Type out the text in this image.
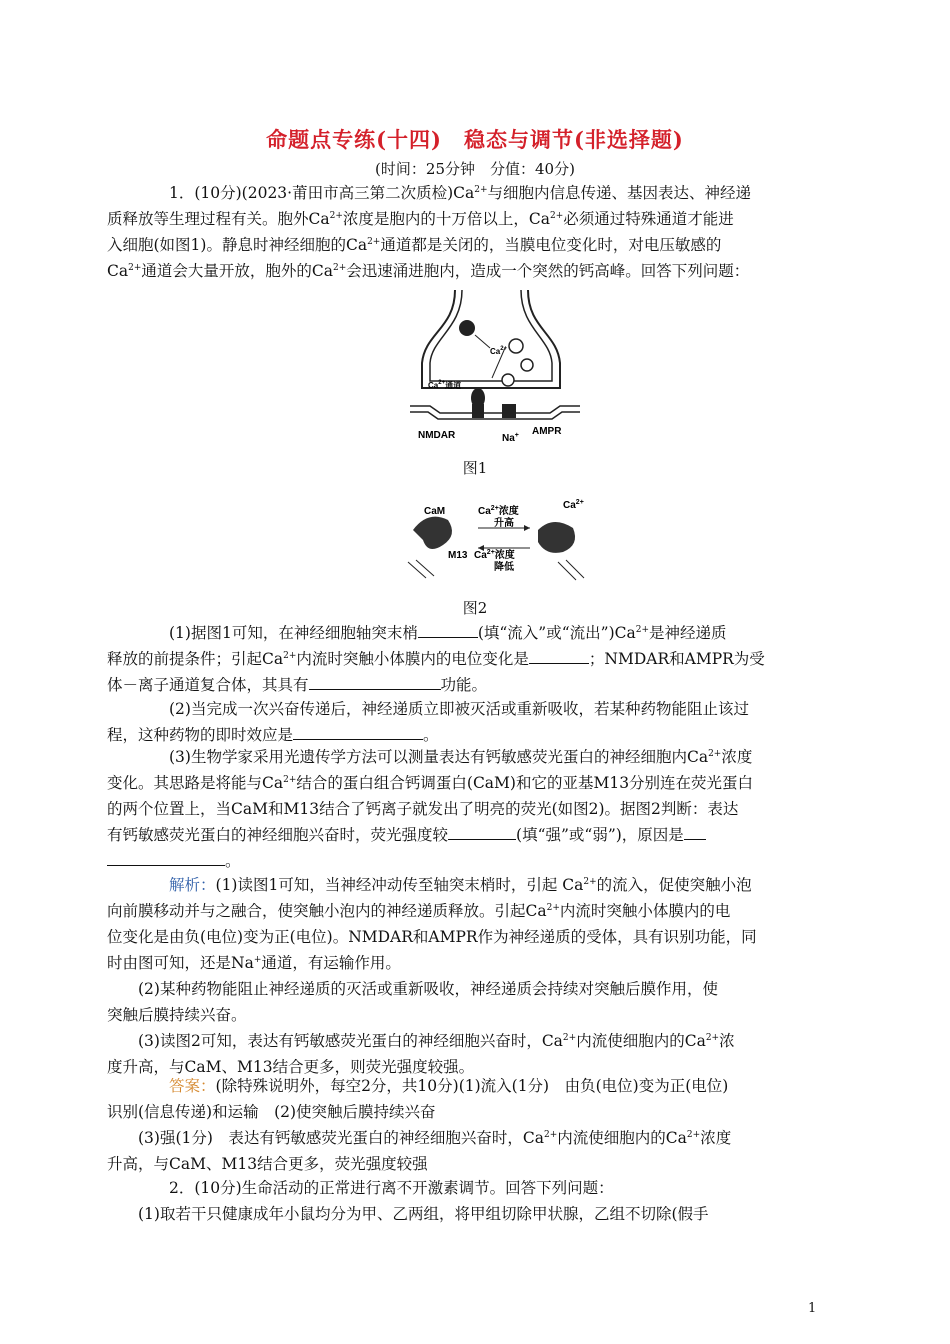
命题点专练(十四)　稳态与调节(非选择题)
(时间：25分钟　分值：40分)
1．(10分)(2023·莆田市高三第二次质检)$Ca^{2+}$与细胞内信息传递、基因表达、神经递
质释放等生理过程有关。胞外$Ca^{2+}$浓度是胞内的十万倍以上，$Ca^{2+}$必须通过特殊通道才能进
入细胞(如图1)。静息时神经细胞的$Ca^{2+}$通道都是关闭的，当膜电位变化时，对电压敏感的
$Ca^{2+}$通道会大量开放，胞外的$Ca^{2+}$会迅速涌进胞内，造成一个突然的钙高峰。回答下列问题：
$Ca^{2+}$
$Ca^{2+}$通道
NMDAR	AMPR
Na+
图1
CaM	$Ca^{2+}$浓度
升高
M13 $Ca^{2+}$浓度
降低
$Ca^{2+}$
图2
(1)据图1可知，在神经细胞轴突末梢	(填“流入”或“流出$”)Ca^{2+}$是神经递质
释放的前提条件；引起$Ca^{2+}$内流时突触小体膜内的电位变化是	；NMDAR和AMPR为受
体－离子通道复合体，其具有	功能。
(2)当完成一次兴奋传递后，神经递质立即被灭活或重新吸收，若某种药物能阻止该过
程，这种药物的即时效应是	。
(3)生物学家采用光遗传学方法可以测量表达有钙敏感荧光蛋白的神经细胞内$Ca^{2+}$浓度
变化。其思路是将能与$Ca^{2+}$结合的蛋白组合钙调蛋白(CaM)和它的亚基M13分别连在荧光蛋白
的两个位置上，当CaM和M13结合了钙离子就发出了明亮的荧光(如图2)。据图2判断：表达
有钙敏感荧光蛋白的神经细胞兴奋时，荧光强度较	(填“强”或“弱”)，原因是
。
解析：(1)读图1可知，当神经冲动传至轴突末梢时，引起 $Ca^{2+}$的流入，促使突触小泡
向前膜移动并与之融合，使突触小泡内的神经递质释放。引起$Ca^{2+}$内流时突触小体膜内的电
位变化是由负(电位)变为正(电位)。NMDAR和AMPR作为神经递质的受体，具有识别功能，同
时由图可知，还是Na+通道，有运输作用。
(2)某种药物能阻止神经递质的灭活或重新吸收，神经递质会持续对突触后膜作用，使
突触后膜持续兴奋。
(3)读图2可知，表达有钙敏感荧光蛋白的神经细胞兴奋时，$Ca^{2+}$内流使细胞内的$Ca^{2+}$浓
度升高，与CaM、M13结合更多，则荧光强度较强。
答案：(除特殊说明外，每空2分，共10分)(1)流入(1分)　由负(电位)变为正(电位)
识别(信息传递)和运输　(2)使突触后膜持续兴奋
(3)强(1分)　表达有钙敏感荧光蛋白的神经细胞兴奋时，$Ca^{2+}$内流使细胞内的$Ca^{2+}$浓度
升高，与CaM、M13结合更多，荧光强度较强
2．(10分)生命活动的正常进行离不开激素调节。回答下列问题：
(1)取若干只健康成年小鼠均分为甲、乙两组，将甲组切除甲状腺，乙组不切除(假手
1
